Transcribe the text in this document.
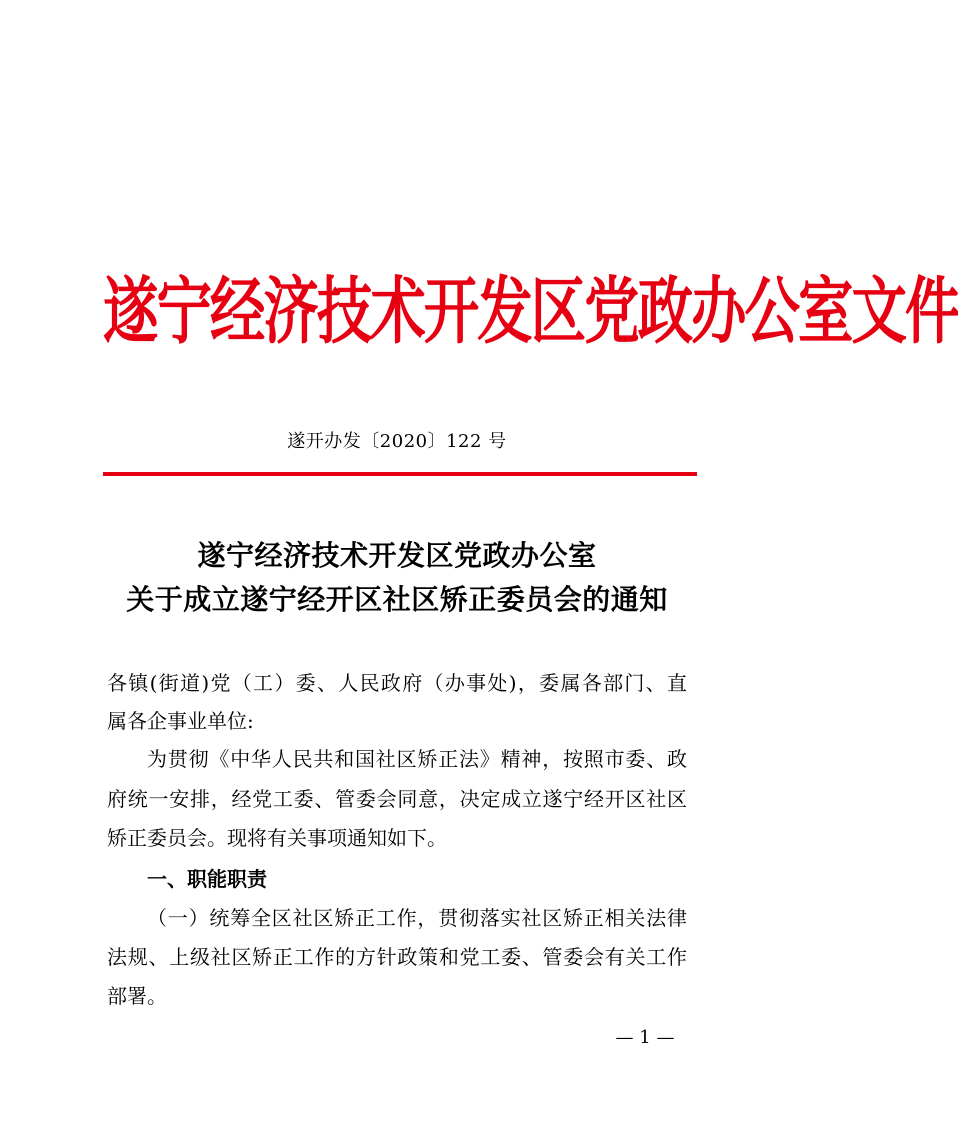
遂宁经济技术开发区党政办公室文件
遂开办发〔2020〕122 号
遂宁经济技术开发区党政办公室
关于成立遂宁经开区社区矫正委员会的通知
各镇(街道)党（工）委、人民政府（办事处)，委属各部门、直
属各企事业单位:
为贯彻《中华人民共和国社区矫正法》精神，按照市委、政
府统一安排，经党工委、管委会同意，决定成立遂宁经开区社区
矫正委员会。现将有关事项通知如下。
一、职能职责
（一）统筹全区社区矫正工作，贯彻落实社区矫正相关法律
法规、上级社区矫正工作的方针政策和党工委、管委会有关工作
部署。
— 1 —
